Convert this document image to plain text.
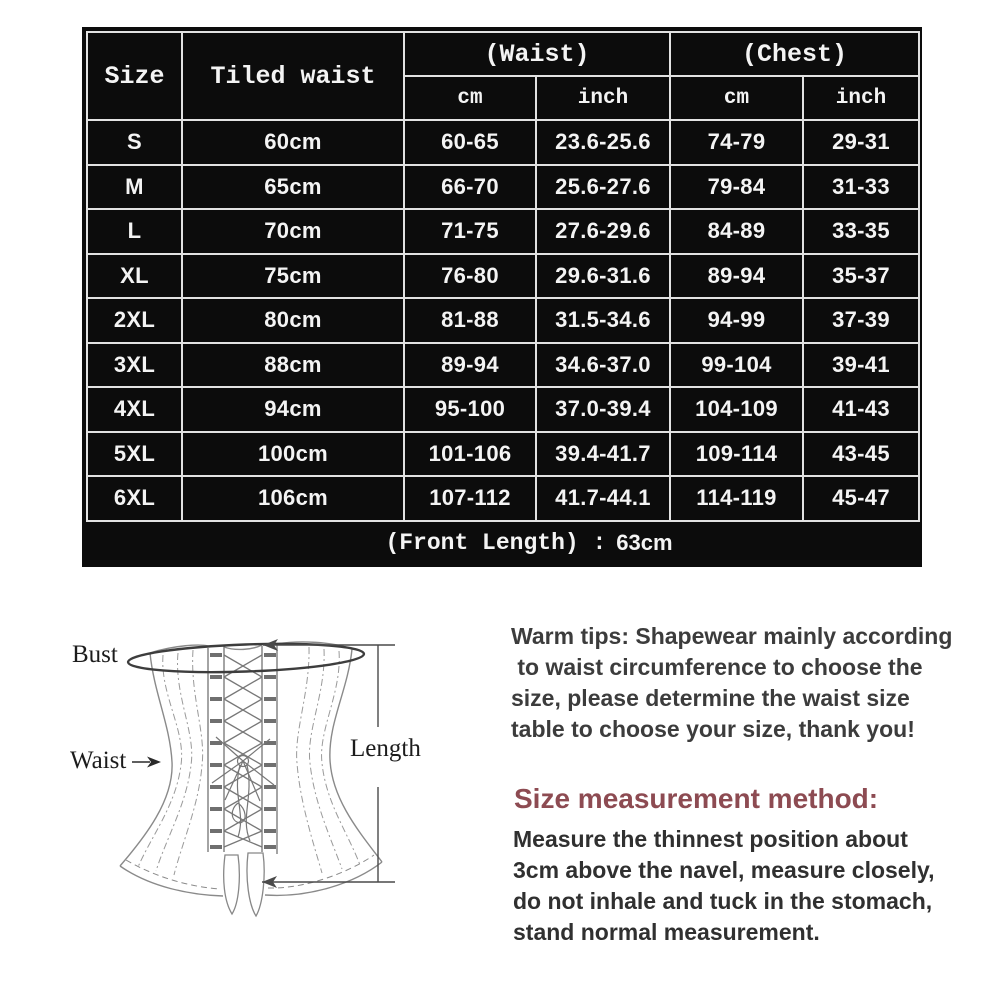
Size	Tiled waist	(Waist)		(Chest)	
		cm	inch	cm	inch
S	60cm	60-65	23.6-25.6	74-79	29-31
M	65cm	66-70	25.6-27.6	79-84	31-33
L	70cm	71-75	27.6-29.6	84-89	33-35
XL	75cm	76-80	29.6-31.6	89-94	35-37
2XL	80cm	81-88	31.5-34.6	94-99	37-39
3XL	88cm	89-94	34.6-37.0	99-104	39-41
4XL	94cm	95-100	37.0-39.4	104-109	41-43
5XL	100cm	101-106	39.4-41.7	109-114	43-45
6XL	106cm	107-112	41.7-44.1	114-119	45-47
(Front Length) : 63cm
Bust
Waist	Length
Warm tips: Shapewear mainly according
to waist circumference to choose the
size, please determine the waist size
table to choose your size, thank you!
Size measurement method:
Measure the thinnest position about
3cm above the navel, measure closely,
do not inhale and tuck in the stomach,
stand normal measurement.
